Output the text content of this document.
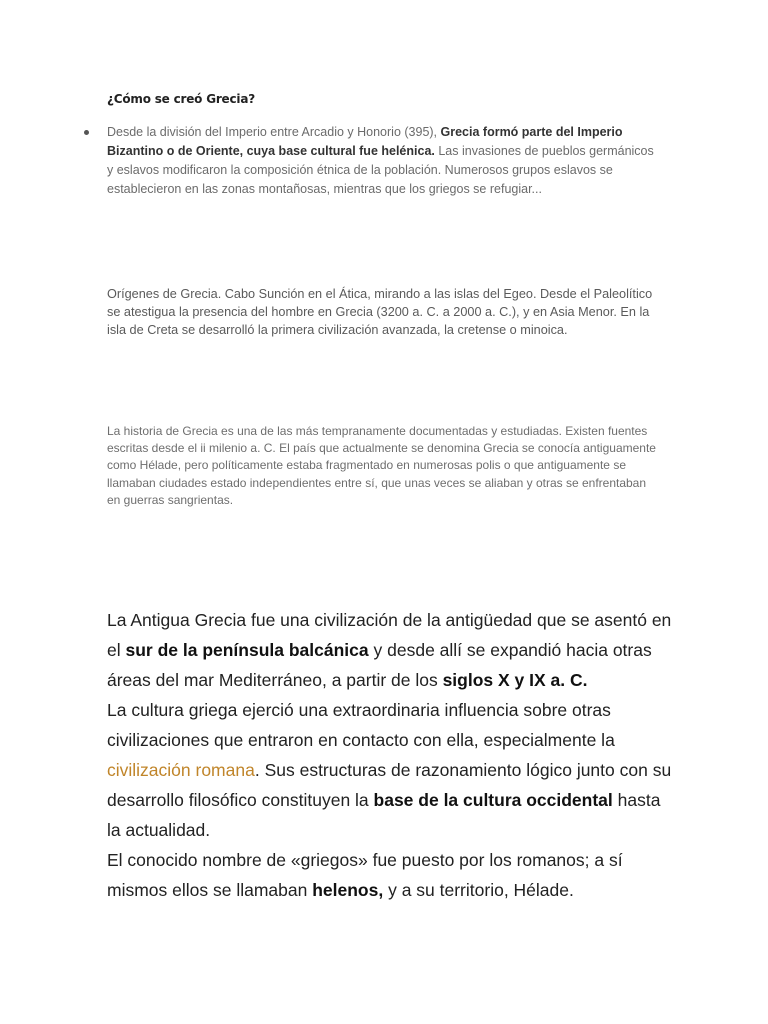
¿Cómo se creó Grecia?
Desde la división del Imperio entre Arcadio y Honorio (395), Grecia formó parte del Imperio Bizantino o de Oriente, cuya base cultural fue helénica. Las invasiones de pueblos germánicos y eslavos modificaron la composición étnica de la población. Numerosos grupos eslavos se establecieron en las zonas montañosas, mientras que los griegos se refugiar...
Orígenes de Grecia. Cabo Sunción en el Ática, mirando a las islas del Egeo. Desde el Paleolítico se atestigua la presencia del hombre en Grecia (3200 a. C. a 2000 a. C.), y en Asia Menor. En la isla de Creta se desarrolló la primera civilización avanzada, la cretense o minoica.
La historia de Grecia es una de las más tempranamente documentadas y estudiadas. Existen fuentes escritas desde el ii milenio a. C. El país que actualmente se denomina Grecia se conocía antiguamente como Hélade, pero políticamente estaba fragmentado en numerosas polis o que antiguamente se llamaban ciudades estado independientes entre sí, que unas veces se aliaban y otras se enfrentaban en guerras sangrientas.
La Antigua Grecia fue una civilización de la antigüedad que se asentó en el sur de la península balcánica y desde allí se expandió hacia otras áreas del mar Mediterráneo, a partir de los siglos X y IX a. C.
La cultura griega ejerció una extraordinaria influencia sobre otras civilizaciones que entraron en contacto con ella, especialmente la civilización romana. Sus estructuras de razonamiento lógico junto con su desarrollo filosófico constituyen la base de la cultura occidental hasta la actualidad.
El conocido nombre de «griegos» fue puesto por los romanos; a sí mismos ellos se llamaban helenos, y a su territorio, Hélade.
